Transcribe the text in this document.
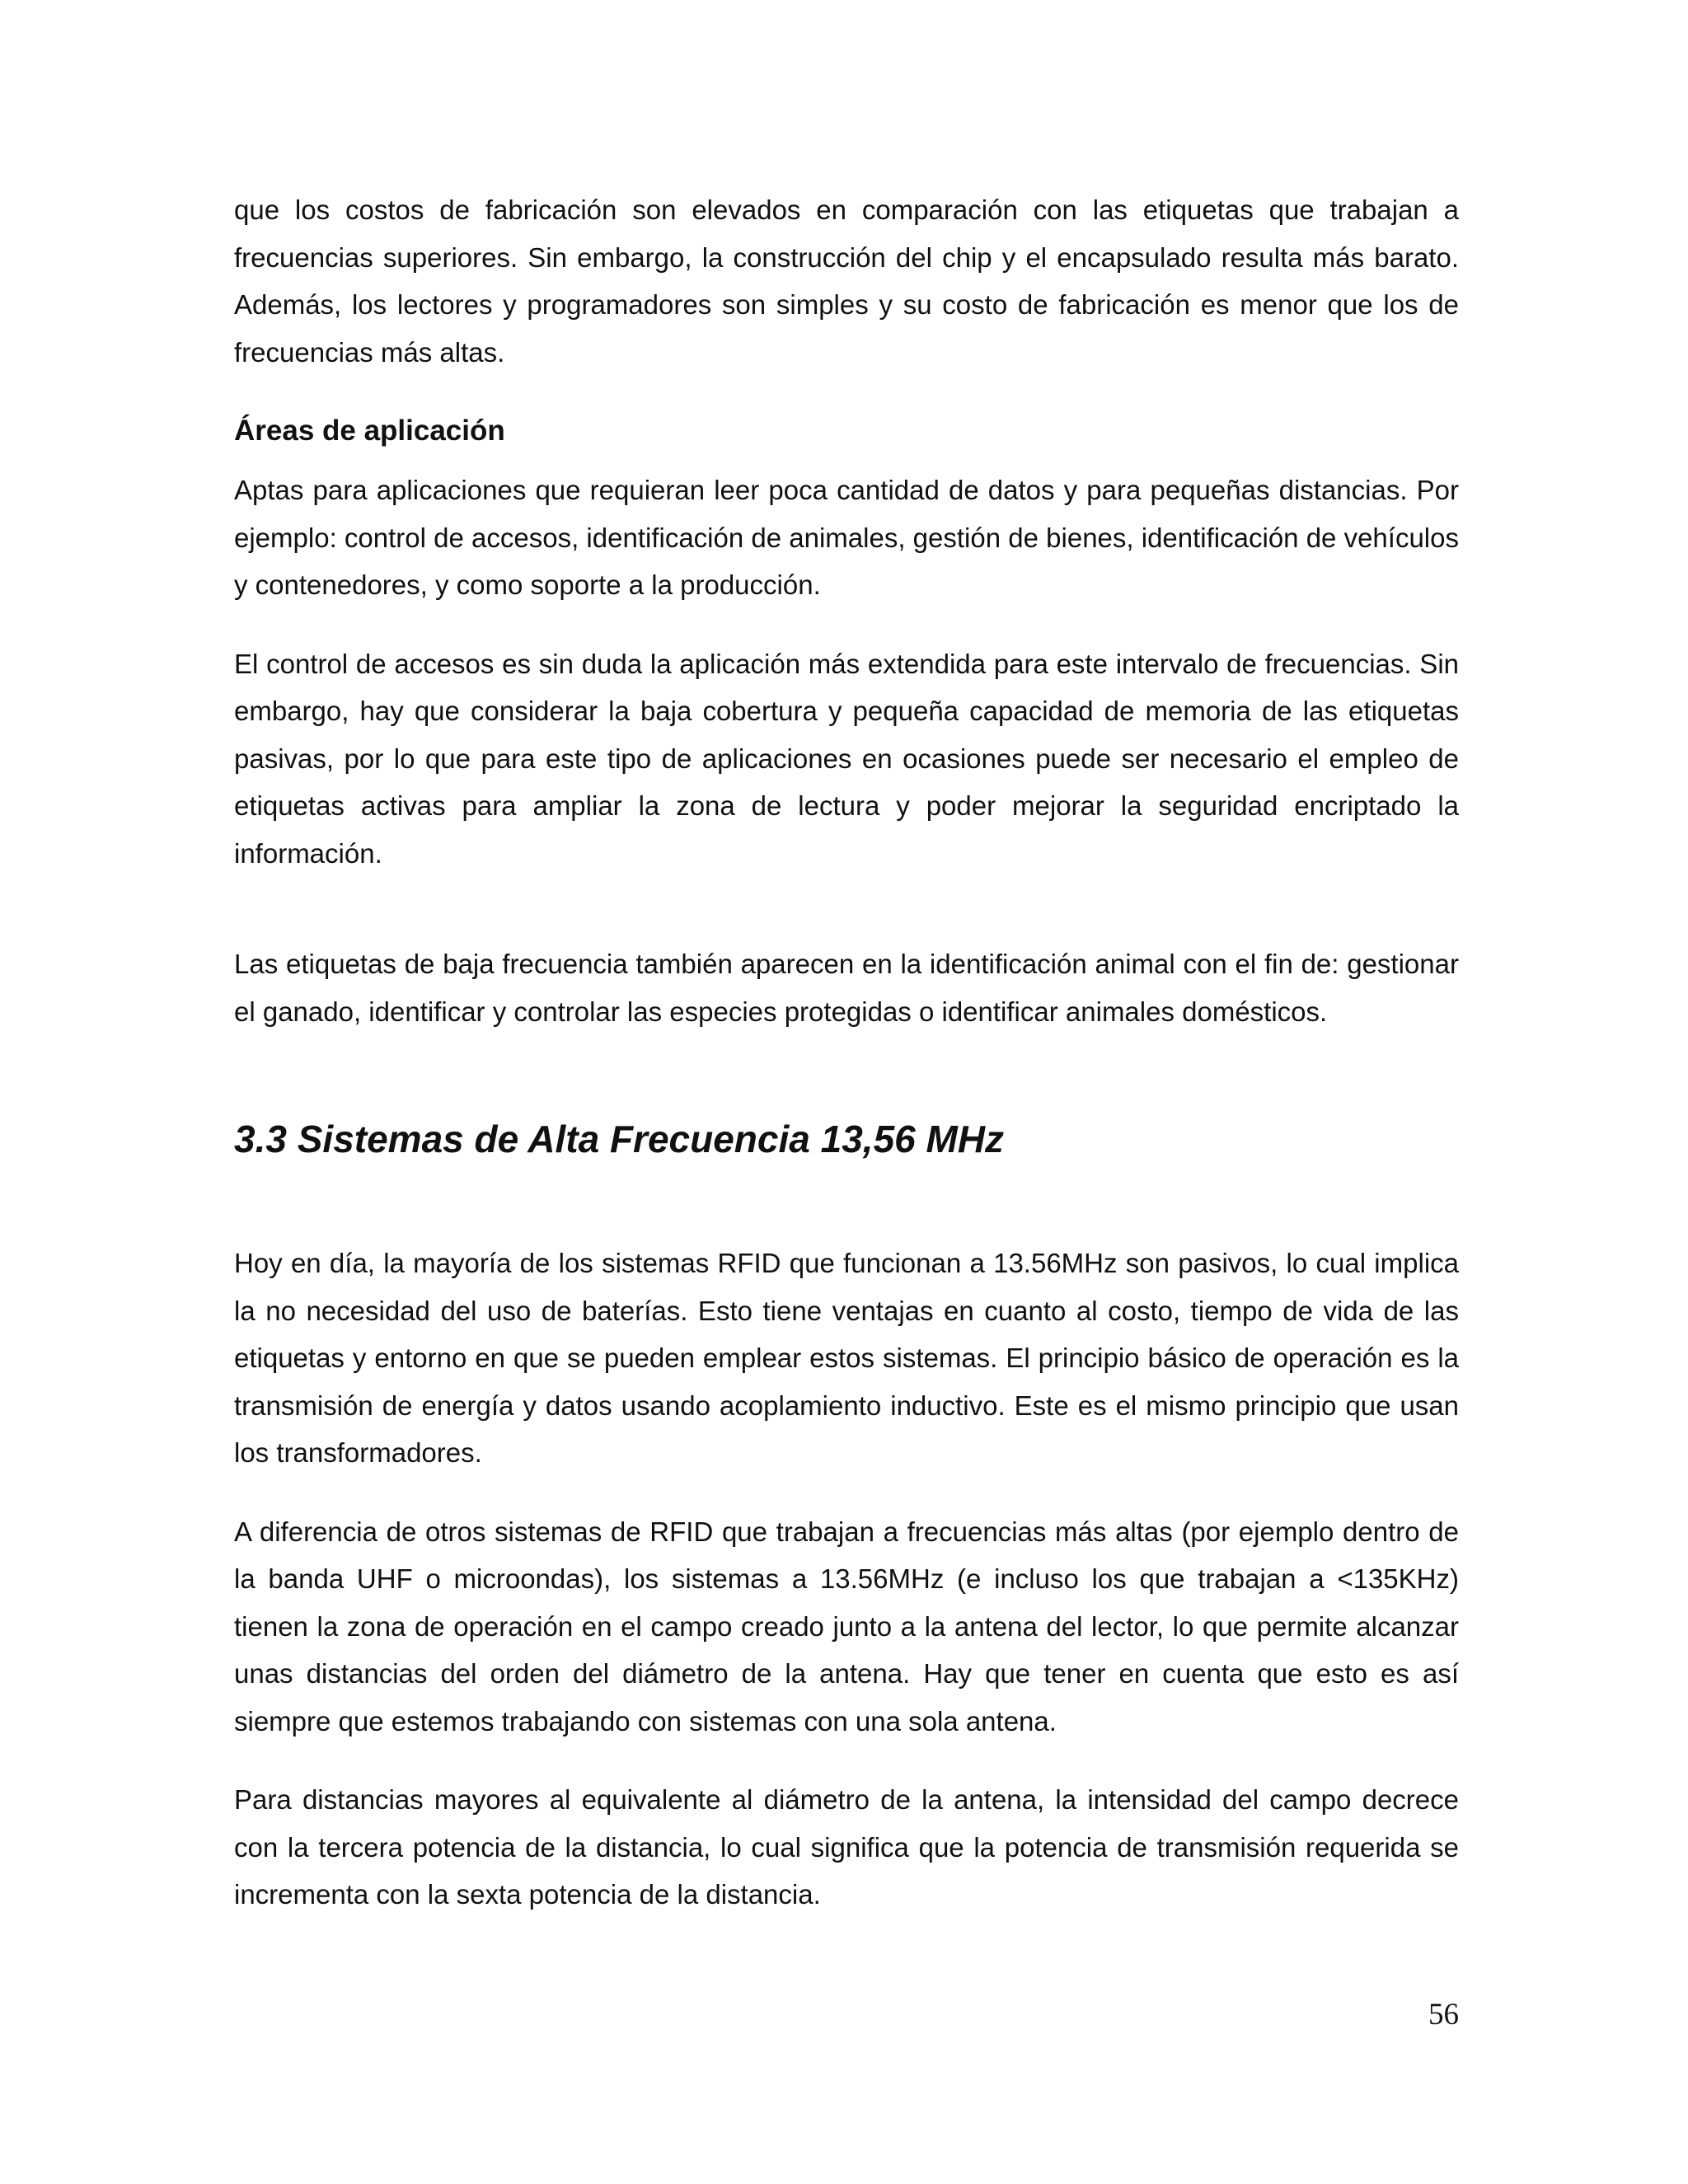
que los costos de fabricación son elevados en comparación con las etiquetas que trabajan a frecuencias superiores. Sin embargo, la construcción del chip y el encapsulado resulta más barato. Además, los lectores y programadores son simples y su costo de fabricación es menor que los de frecuencias más altas.

Áreas de aplicación

Aptas para aplicaciones que requieran leer poca cantidad de datos y para pequeñas distancias. Por ejemplo: control de accesos, identificación de animales, gestión de bienes, identificación de vehículos y contenedores, y como soporte a la producción.

El control de accesos es sin duda la aplicación más extendida para este intervalo de frecuencias. Sin embargo, hay que considerar la baja cobertura y pequeña capacidad de memoria de las etiquetas pasivas, por lo que para este tipo de aplicaciones en ocasiones puede ser necesario el empleo de etiquetas activas para ampliar la zona de lectura y poder mejorar la seguridad encriptado la información.

Las etiquetas de baja frecuencia también aparecen en la identificación animal con el fin de: gestionar el ganado, identificar y controlar las especies protegidas o identificar animales domésticos.

3.3 Sistemas de Alta Frecuencia 13,56 MHz

Hoy en día, la mayoría de los sistemas RFID que funcionan a 13.56MHz son pasivos, lo cual implica la no necesidad del uso de baterías. Esto tiene ventajas en cuanto al costo, tiempo de vida de las etiquetas y entorno en que se pueden emplear estos sistemas. El principio básico de operación es la transmisión de energía y datos usando acoplamiento inductivo. Este es el mismo principio que usan los transformadores.

A diferencia de otros sistemas de RFID que trabajan a frecuencias más altas (por ejemplo dentro de la banda UHF o microondas), los sistemas a 13.56MHz (e incluso los que trabajan a <135KHz) tienen la zona de operación en el campo creado junto a la antena del lector, lo que permite alcanzar unas distancias del orden del diámetro de la antena. Hay que tener en cuenta que esto es así siempre que estemos trabajando con sistemas con una sola antena.

Para distancias mayores al equivalente al diámetro de la antena, la intensidad del campo decrece con la tercera potencia de la distancia, lo cual significa que la potencia de transmisión requerida se incrementa con la sexta potencia de la distancia.

56
